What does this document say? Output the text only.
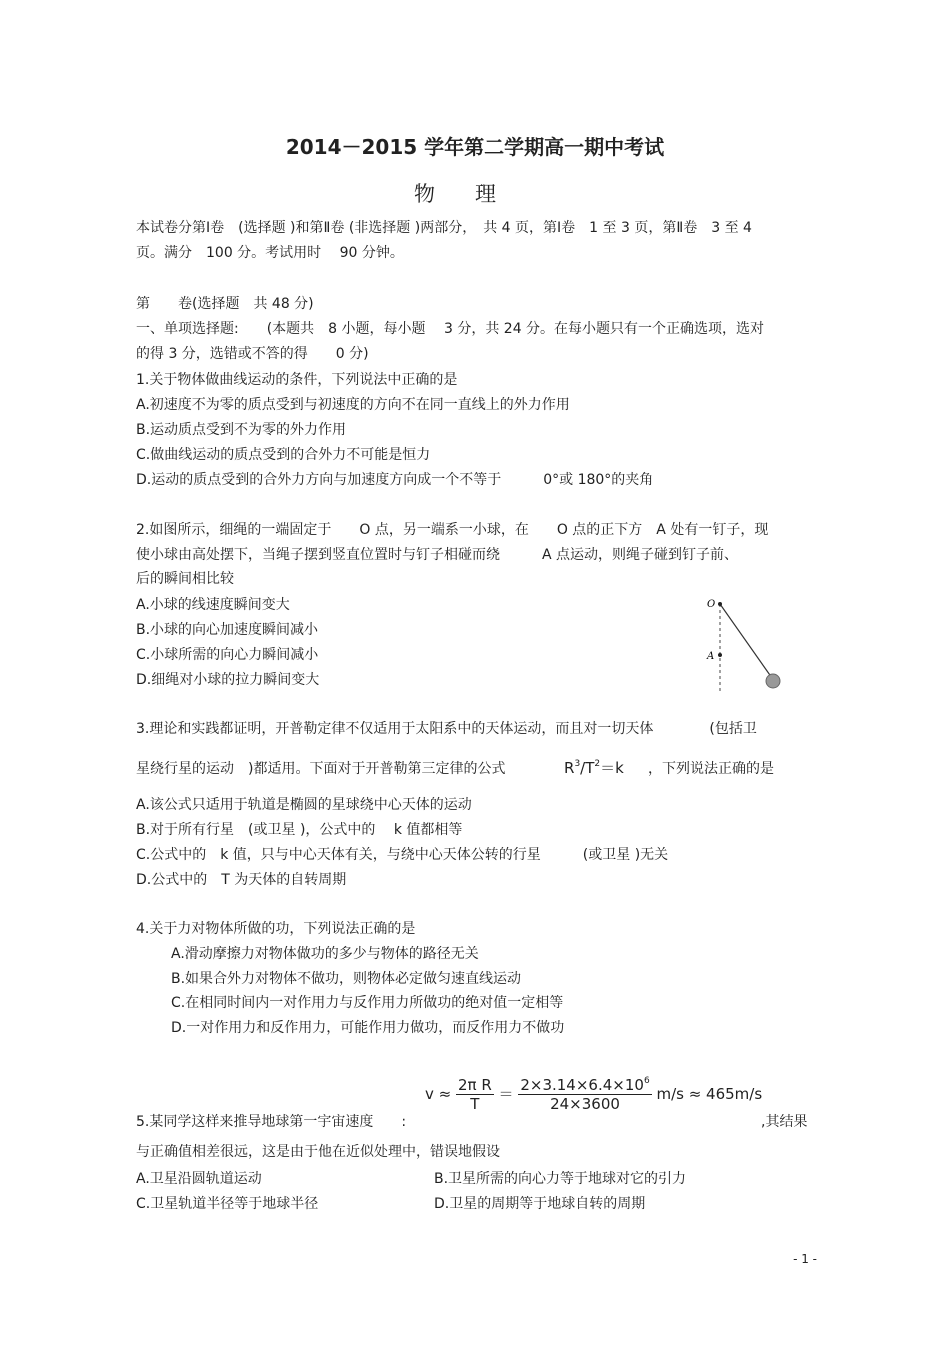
2014－2015 学年第二学期高一期中考试
物理
本试卷分第Ⅰ卷　(选择题 )和第Ⅱ卷 (非选择题 )两部分，　共 4 页，第Ⅰ卷　1 至 3 页，第Ⅱ卷　3 至 4
页。满分　100 分。考试用时　 90 分钟。
第　　卷(选择题　共 48 分)
一、单项选择题:　　(本题共　8 小题，每小题　 3 分，共 24 分。在每小题只有一个正确选项，选对
的得 3 分，选错或不答的得　　0 分)
1.关于物体做曲线运动的条件，下列说法中正确的是
A.初速度不为零的质点受到与初速度的方向不在同一直线上的外力作用
B.运动质点受到不为零的外力作用
C.做曲线运动的质点受到的合外力不可能是恒力
D.运动的质点受到的合外力方向与加速度方向成一个不等于　　　0°或 180°的夹角
2.如图所示，细绳的一端固定于　　O 点，另一端系一小球，在　　O 点的正下方　A 处有一钉子，现
使小球由高处摆下，当绳子摆到竖直位置时与钉子相碰而绕　　　A 点运动，则绳子碰到钉子前、
后的瞬间相比较
A.小球的线速度瞬间变大
B.小球的向心加速度瞬间减小
C.小球所需的向心力瞬间减小
D.细绳对小球的拉力瞬间变大
O
A
3.理论和实践都证明，开普勒定律不仅适用于太阳系中的天体运动，而且对一切天体　　　　(包括卫
星绕行星的运动　)都适用。下面对于开普勒第三定律的公式	$R^3/T^2=k$ ，下列说法正确的是
A.该公式只适用于轨道是椭圆的星球绕中心天体的运动
B.对于所有行星　(或卫星 )，公式中的　 k 值都相等
C.公式中的　k 值，只与中心天体有关，与绕中心天体公转的行星　　　(或卫星 )无关
D.公式中的　T 为天体的自转周期
4.关于力对物体所做的功，下列说法正确的是
A.滑动摩擦力对物体做功的多少与物体的路径无关
B.如果合外力对物体不做功，则物体必定做匀速直线运动
C.在相同时间内一对作用力与反作用力所做功的绝对值一定相等
D.一对作用力和反作用力，可能作用力做功，而反作用力不做功
$v \approx \frac{\text{2π R}}{T} = \frac{2\times 3.14\times 6.4\times 10^6}{24\times 3600} m/s \approx 465m/s$
5.某同学这样来推导地球第一宇宙速度　　:	,其结果
与正确值相差很远，这是由于他在近似处理中，错误地假设
A.卫星沿圆轨道运动	B.卫星所需的向心力等于地球对它的引力
C.卫星轨道半径等于地球半径	D.卫星的周期等于地球自转的周期
- 1 -
